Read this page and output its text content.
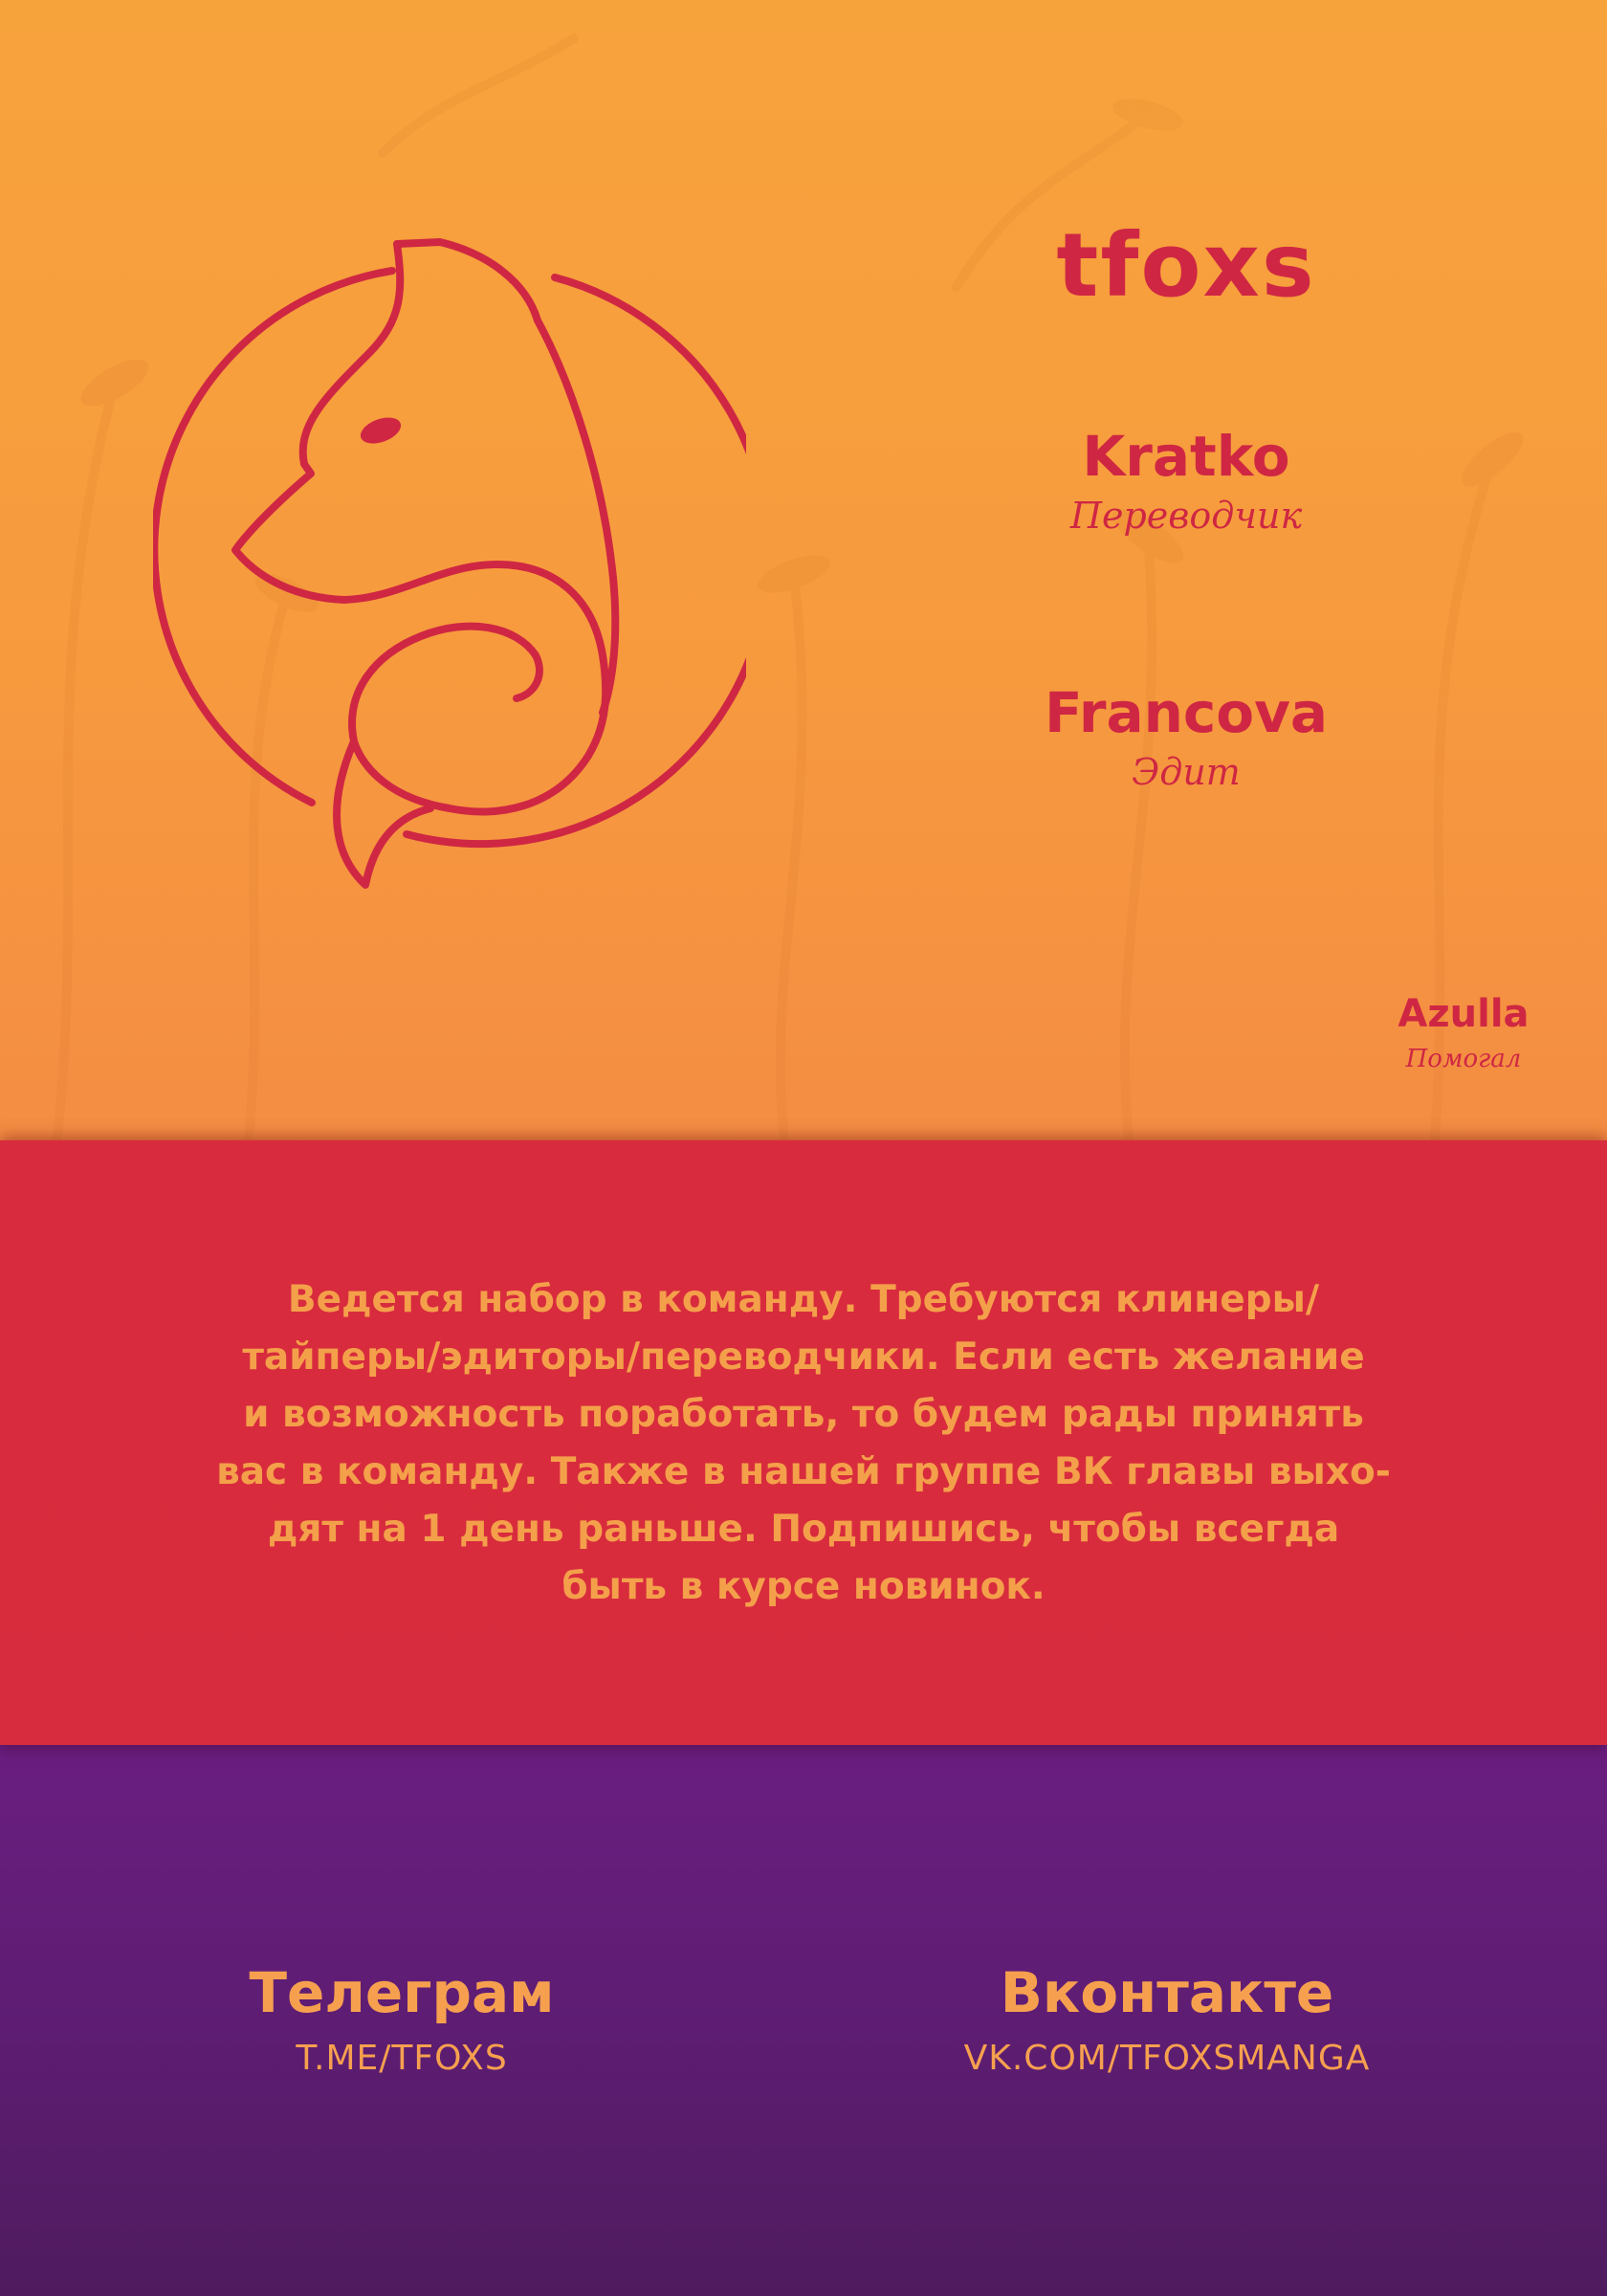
tfoxs
Kratko
Переводчик
Francova
Эдит
Azulla
Помогал
Ведется набор в команду. Требуются клинеры/
тайперы/эдиторы/переводчики. Если есть желание
и возможность поработать, то будем рады принять
вас в команду. Также в нашей группе ВК главы выхо-
дят на 1 день раньше. Подпишись, чтобы всегда
быть в курсе новинок.
Телеграм
T.ME/TFOXS
Вконтакте
VK.COM/TFOXSMANGA
